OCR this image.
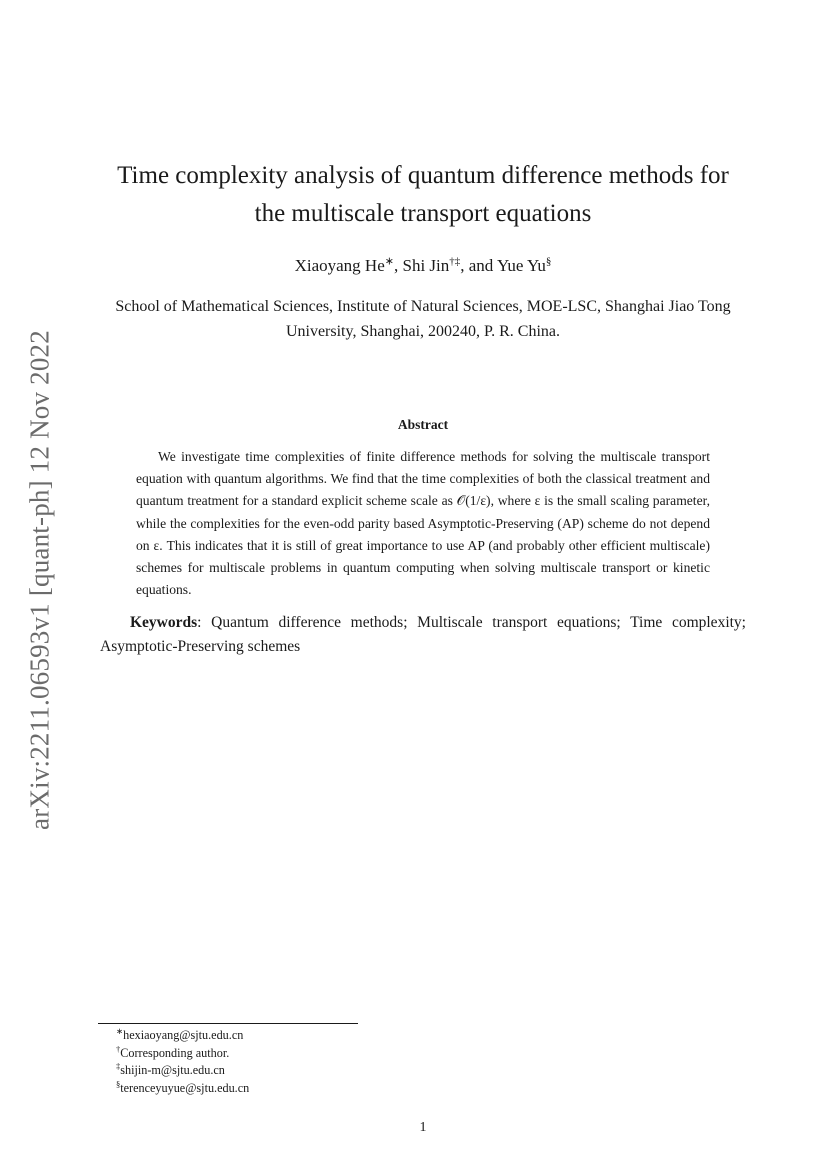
arXiv:2211.06593v1 [quant-ph] 12 Nov 2022
Time complexity analysis of quantum difference methods for the multiscale transport equations
Xiaoyang He∗, Shi Jin†‡, and Yue Yu§
School of Mathematical Sciences, Institute of Natural Sciences, MOE-LSC, Shanghai Jiao Tong University, Shanghai, 200240, P. R. China.
Abstract
We investigate time complexities of finite difference methods for solving the multiscale transport equation with quantum algorithms. We find that the time complexities of both the classical treatment and quantum treatment for a standard explicit scheme scale as 𝒪(1/ε), where ε is the small scaling parameter, while the complexities for the even-odd parity based Asymptotic-Preserving (AP) scheme do not depend on ε. This indicates that it is still of great importance to use AP (and probably other efficient multiscale) schemes for multiscale problems in quantum computing when solving multiscale transport or kinetic equations.
Keywords: Quantum difference methods; Multiscale transport equations; Time complexity; Asymptotic-Preserving schemes
∗hexiaoyang@sjtu.edu.cn
†Corresponding author.
‡shijin-m@sjtu.edu.cn
§terenceyuyue@sjtu.edu.cn
1
